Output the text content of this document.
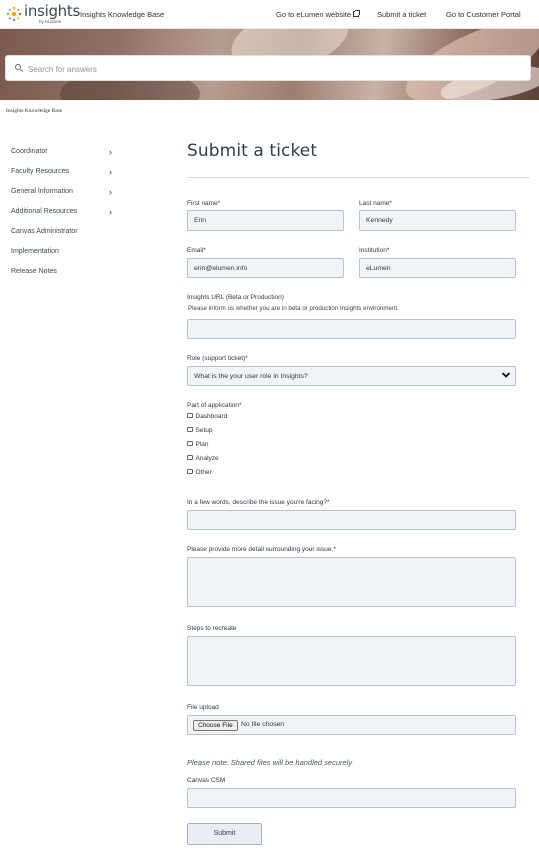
insights
by eLumen
Insights Knowledge Base	Go to eLumen website	Submit a ticket	Go to Customer Portal
Search for answers
Insights Knowledge Base
Coordinator	›
Faculty Resources	›
General Information	›
Additional Resources	›
Canvas Administrator
Implementation
Release Notes
Submit a ticket
First name*
Erin
Last name*
Kennedy
Email*
erin@elumen.info
Institution*
eLumen
Insights URL (Beta or Production)
Please inform us whether you are in beta or production Insights environment.
Role (support ticket)*
What is the your user role in Insights?
Part of application*
Dashboard
Setup
Plan
Analyze
Other
In a few words, describe the issue you're facing?*
Please provide more detail surrounding your issue.*
Steps to recreate
File upload
Choose File	No file chosen
Please note: Shared files will be handled securely
Canvas CSM
Submit
